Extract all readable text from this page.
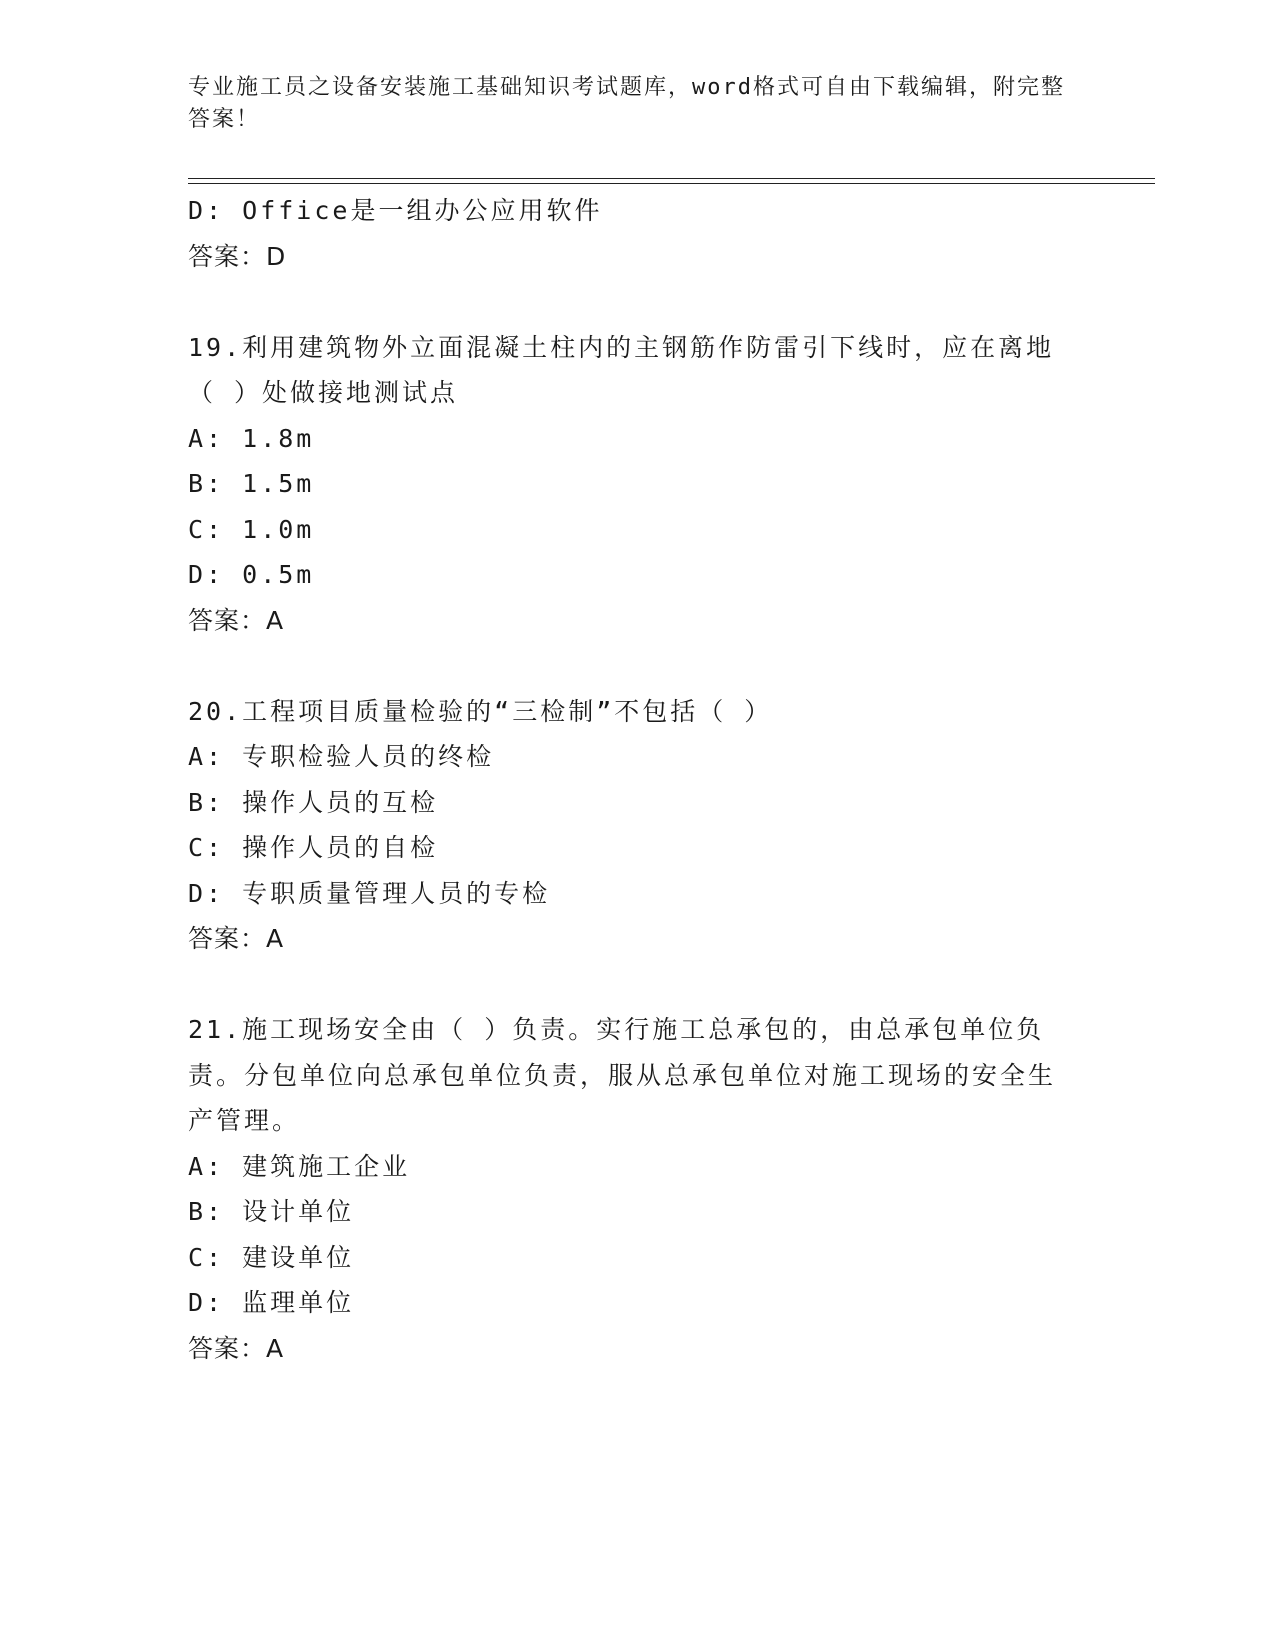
专业施工员之设备安装施工基础知识考试题库，word格式可自由下载编辑，附完整答案！
D: Office是一组办公应用软件
答案：D
19.利用建筑物外立面混凝土柱内的主钢筋作防雷引下线时，应在离地（ ）处做接地测试点
A: 1.8m
B: 1.5m
C: 1.0m
D: 0.5m
答案：A
20.工程项目质量检验的“三检制”不包括（ ）
A: 专职检验人员的终检
B: 操作人员的互检
C: 操作人员的自检
D: 专职质量管理人员的专检
答案：A
21.施工现场安全由（ ）负责。实行施工总承包的，由总承包单位负责。分包单位向总承包单位负责，服从总承包单位对施工现场的安全生产管理。
A: 建筑施工企业
B: 设计单位
C: 建设单位
D: 监理单位
答案：A
